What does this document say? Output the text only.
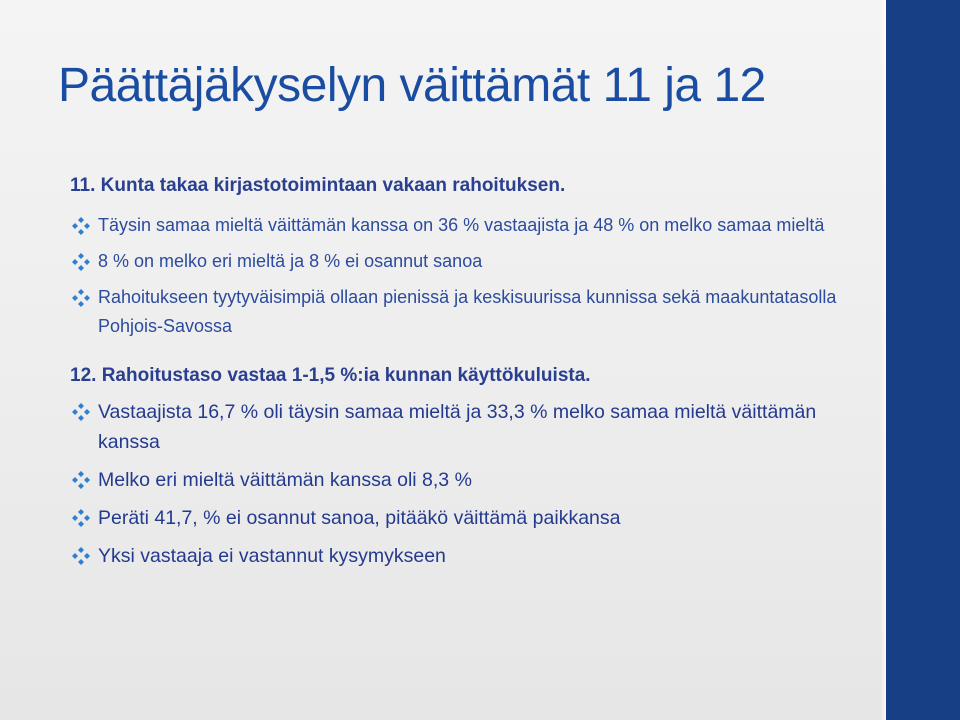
Päättäjäkyselyn väittämät 11 ja 12

11. Kunta takaa kirjastotoimintaan vakaan rahoituksen.

Täysin samaa mieltä väittämän kanssa on 36 % vastaajista ja 48 % on melko samaa mieltä
8 % on melko eri mieltä ja 8 % ei osannut sanoa
Rahoitukseen tyytyväisimpiä ollaan pienissä ja keskisuurissa kunnissa sekä maakuntatasolla Pohjois-Savossa

12. Rahoitustaso vastaa 1-1,5 %:ia kunnan käyttökuluista.

Vastaajista 16,7 % oli täysin samaa mieltä ja 33,3 % melko samaa mieltä väittämän kanssa
Melko eri mieltä väittämän kanssa oli 8,3 %
Peräti 41,7, % ei osannut sanoa, pitääkö väittämä paikkansa
Yksi vastaaja ei vastannut kysymykseen
